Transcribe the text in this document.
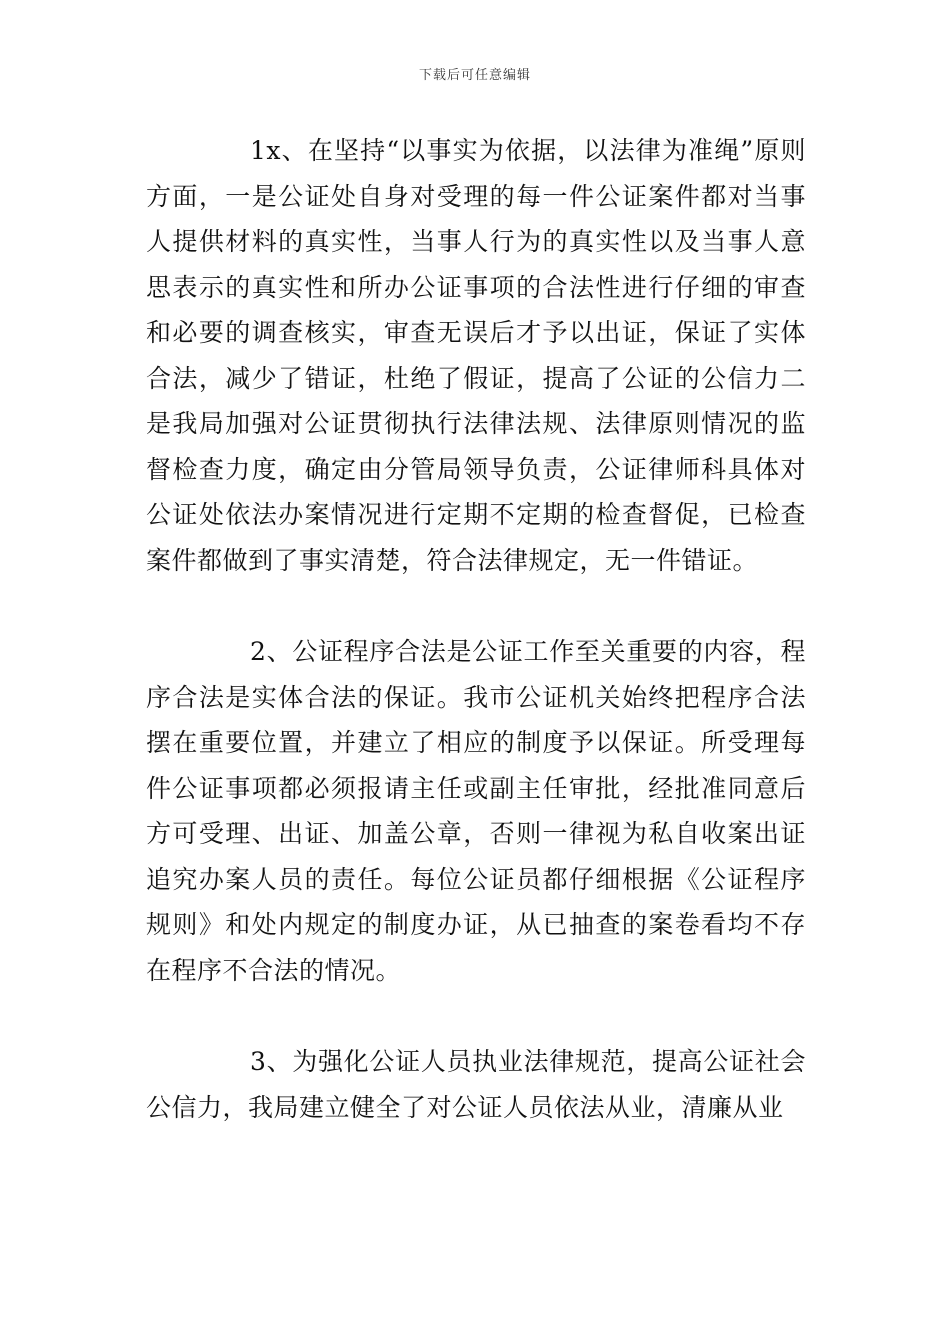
下载后可任意编辑

1x、在坚持“以事实为依据，以法律为准绳”原则方面，一是公证处自身对受理的每一件公证案件都对当事人提供材料的真实性，当事人行为的真实性以及当事人意思表示的真实性和所办公证事项的合法性进行仔细的审查和必要的调查核实，审查无误后才予以出证，保证了实体合法，减少了错证，杜绝了假证，提高了公证的公信力二是我局加强对公证贯彻执行法律法规、法律原则情况的监督检查力度，确定由分管局领导负责，公证律师科具体对公证处依法办案情况进行定期不定期的检查督促，已检查案件都做到了事实清楚，符合法律规定，无一件错证。

2、公证程序合法是公证工作至关重要的内容，程序合法是实体合法的保证。我市公证机关始终把程序合法摆在重要位置，并建立了相应的制度予以保证。所受理每件公证事项都必须报请主任或副主任审批，经批准同意后方可受理、出证、加盖公章，否则一律视为私自收案出证追究办案人员的责任。每位公证员都仔细根据《公证程序规则》和处内规定的制度办证，从已抽查的案卷看均不存在程序不合法的情况。

3、为强化公证人员执业法律规范，提高公证社会公信力，我局建立健全了对公证人员依法从业，清廉从业
